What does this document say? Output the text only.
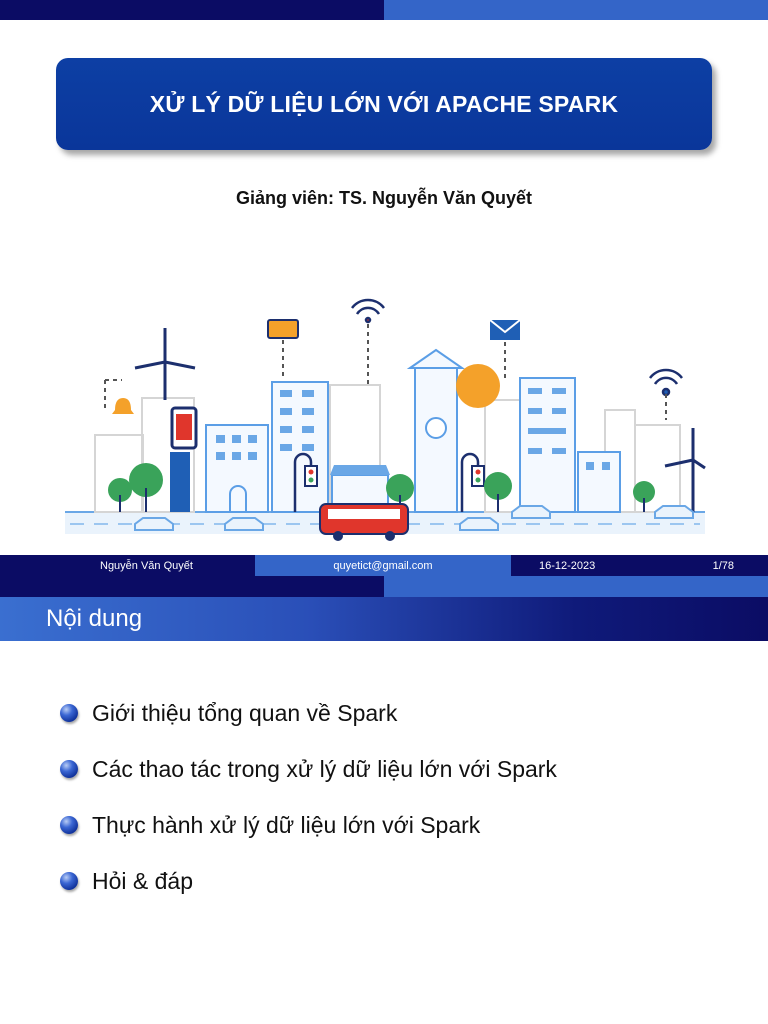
XỬ LÝ DỮ LIỆU LỚN VỚI APACHE SPARK
Giảng viên: TS. Nguyễn Văn Quyết
Nguyễn Văn Quyết	quyetict@gmail.com	16-12-2023	1/78
Nội dung
Giới thiệu tổng quan về Spark
Các thao tác trong xử lý dữ liệu lớn với Spark
Thực hành xử lý dữ liệu lớn với Spark
Hỏi & đáp
